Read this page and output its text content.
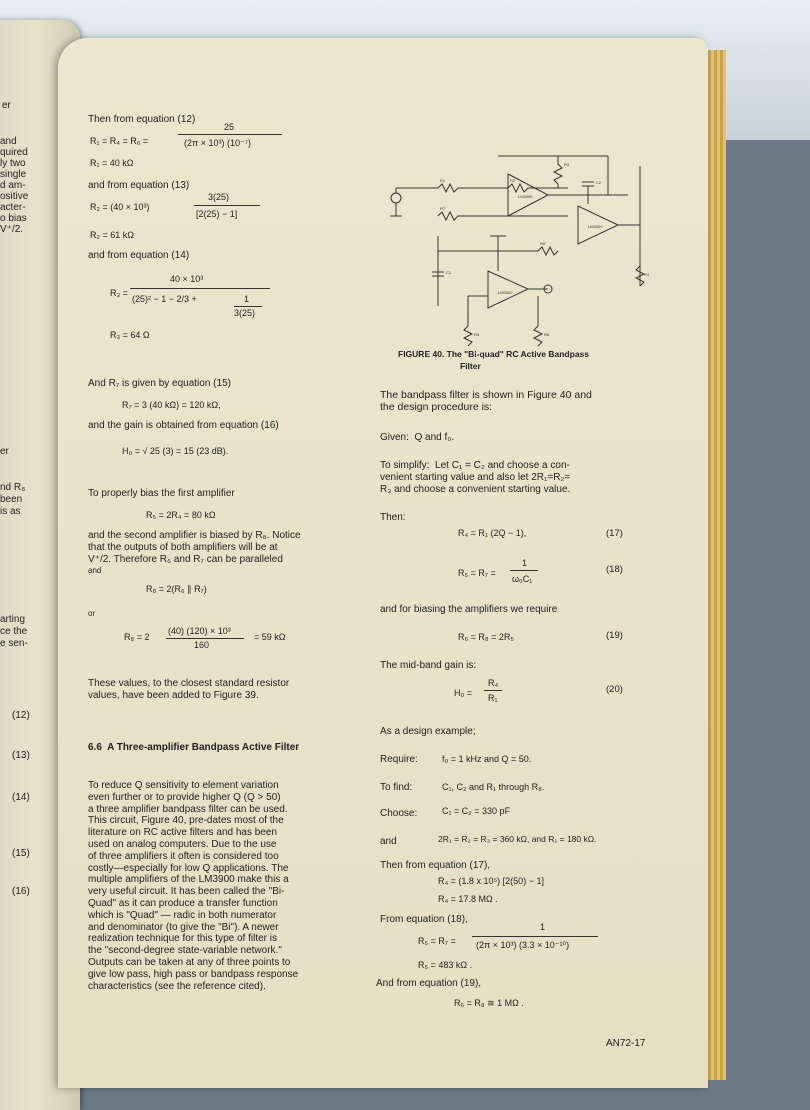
er
and
quired
ly two
single
d am-
ositive
acter-
o bias
V⁺/2.
er
nd R₈
been
is as
arting
ce the
e sen-
(12)
(13)
(14)
(15)
(16)
Then from equation (12)
25
R₁ = R₄ = R₆ =	(2π × 10³) (10⁻⁷)
R₁ = 40 kΩ
and from equation (13)
3(25)
R₂ = (40 × 10³)
[2(25) − 1]
R₂ = 61 kΩ
and from equation (14)
40 × 10³
R₃ =
(25)² − 1 − 2/3 +	1
3(25)
R₃ = 64 Ω
And R₇ is given by equation (15)
R₇ = 3 (40 kΩ) = 120 kΩ,
and the gain is obtained from equation (16)
H₀ = √ 25 (3) = 15 (23 dB).
To properly bias the first amplifier
R₅ = 2R₄ = 80 kΩ
and the second amplifier is biased by R₈. Notice
that the outputs of both amplifiers will be at
V⁺/2. Therefore R₆ and R₇ can be paralleled
and
R₈ = 2(R₆ ∥ R₇)
or
R₈ = 2
(40) (120) × 10³
160
= 59 kΩ
These values, to the closest standard resistor
values, have been added to Figure 39.
6.6  A Three-amplifier Bandpass Active Filter
To reduce Q sensitivity to element variation
even further or to provide higher Q (Q > 50)
a three amplifier bandpass filter can be used.
This circuit, Figure 40, pre-dates most of the
literature on RC active filters and has been
used on analog computers. Due to the use
of three amplifiers it often is considered too
costly—especially for low Q applications. The
multiple amplifiers of the LM3900 make this a
very useful circuit. It has been called the "Bi-
Quad" as it can produce a transfer function
which is "Quad" — radic in both numerator
and denominator (to give the "Bi"). A newer
realization technique for this type of filter is
the "second-degree state-variable network."
Outputs can be taken at any of three points to
give low pass, high pass or bandpass response
characteristics (see the reference cited).
LM3900
LM3900
LM3900
R3
R1	R2
R7
R8
R4
R5	R6
C1
C2
FIGURE 40. The "Bi-quad" RC Active Bandpass
Filter
The bandpass filter is shown in Figure 40 and
the design procedure is:
Given:  Q and f₀.
To simplify:  Let C₁ = C₂ and choose a con-
venient starting value and also let 2R₁=R₂=
R₃ and choose a convenient starting value.
Then:
R₄ = R₁ (2Q − 1),	(17)
1
R₅ = R₇ =
ω₀C₁
(18)
and for biasing the amplifiers we require
R₆ = R₈ = 2R₅	(19)
The mid-band gain is:
R₄
H₀ = R₁
(20)
As a design example;
Require:	f₀ = 1 kHz and Q = 50.
To find:	C₁, C₂ and R₁ through R₈.
Choose:	C₁ = C₂ = 330 pF
and	2R₁ = R₂ = R₃ = 360 kΩ, and R₁ = 180 kΩ.
Then from equation (17),
R₄ = (1.8 x 10⁵) [2(50) − 1]
R₄ = 17.8 MΩ .
From equation (18),
1
R₅ = R₇ = (2π × 10³) (3.3 × 10⁻¹⁰)
R₅ = 483 kΩ .
And from equation (19),
R₆ = R₈ ≅ 1 MΩ .
AN72-17
